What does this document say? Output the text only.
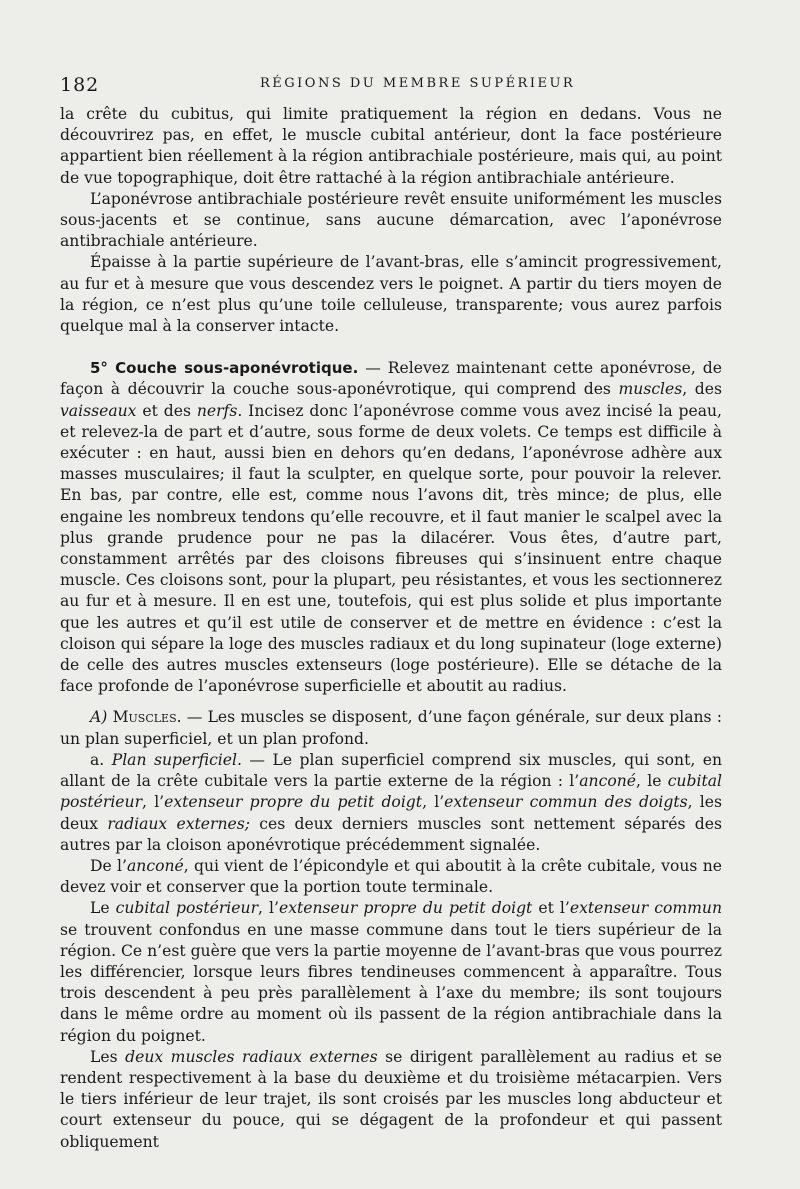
182	RÉGIONS DU MEMBRE SUPÉRIEUR

la crête du cubitus, qui limite pratiquement la région en dedans. Vous ne découvrirez pas, en effet, le muscle cubital antérieur, dont la face postérieure appartient bien réellement à la région antibrachiale postérieure, mais qui, au point de vue topographique, doit être rattaché à la région antibrachiale antérieure.

L’aponévrose antibrachiale postérieure revêt ensuite uniformément les muscles sous-jacents et se continue, sans aucune démarcation, avec l’aponévrose antibrachiale antérieure.

Épaisse à la partie supérieure de l’avant-bras, elle s’amincit progressivement, au fur et à mesure que vous descendez vers le poignet. A partir du tiers moyen de la région, ce n’est plus qu’une toile celluleuse, transparente; vous aurez parfois quelque mal à la conserver intacte.

5° Couche sous-aponévrotique. — Relevez maintenant cette aponévrose, de façon à découvrir la couche sous-aponévrotique, qui comprend des muscles, des vaisseaux et des nerfs. Incisez donc l’aponévrose comme vous avez incisé la peau, et relevez-la de part et d’autre, sous forme de deux volets. Ce temps est difficile à exécuter : en haut, aussi bien en dehors qu’en dedans, l’aponévrose adhère aux masses musculaires; il faut la sculpter, en quelque sorte, pour pouvoir la relever. En bas, par contre, elle est, comme nous l’avons dit, très mince; de plus, elle engaine les nombreux tendons qu’elle recouvre, et il faut manier le scalpel avec la plus grande prudence pour ne pas la dilacérer. Vous êtes, d’autre part, constamment arrêtés par des cloisons fibreuses qui s’insinuent entre chaque muscle. Ces cloisons sont, pour la plupart, peu résistantes, et vous les sectionnerez au fur et à mesure. Il en est une, toutefois, qui est plus solide et plus importante que les autres et qu’il est utile de conserver et de mettre en évidence : c’est la cloison qui sépare la loge des muscles radiaux et du long supinateur (loge externe) de celle des autres muscles extenseurs (loge postérieure). Elle se détache de la face profonde de l’aponévrose superficielle et aboutit au radius.

A) Muscles. — Les muscles se disposent, d’une façon générale, sur deux plans : un plan superficiel, et un plan profond.

a. Plan superficiel. — Le plan superficiel comprend six muscles, qui sont, en allant de la crête cubitale vers la partie externe de la région : l’anconé, le cubital postérieur, l’extenseur propre du petit doigt, l’extenseur commun des doigts, les deux radiaux externes; ces deux derniers muscles sont nettement séparés des autres par la cloison aponévrotique précédemment signalée.

De l’anconé, qui vient de l’épicondyle et qui aboutit à la crête cubitale, vous ne devez voir et conserver que la portion toute terminale.

Le cubital postérieur, l’extenseur propre du petit doigt et l’extenseur commun se trouvent confondus en une masse commune dans tout le tiers supérieur de la région. Ce n’est guère que vers la partie moyenne de l’avant-bras que vous pourrez les différencier, lorsque leurs fibres tendineuses commencent à apparaître. Tous trois descendent à peu près parallèlement à l’axe du membre; ils sont toujours dans le même ordre au moment où ils passent de la région antibrachiale dans la région du poignet.

Les deux muscles radiaux externes se dirigent parallèlement au radius et se rendent respectivement à la base du deuxième et du troisième métacarpien. Vers le tiers inférieur de leur trajet, ils sont croisés par les muscles long abducteur et court extenseur du pouce, qui se dégagent de la profondeur et qui passent obliquement
